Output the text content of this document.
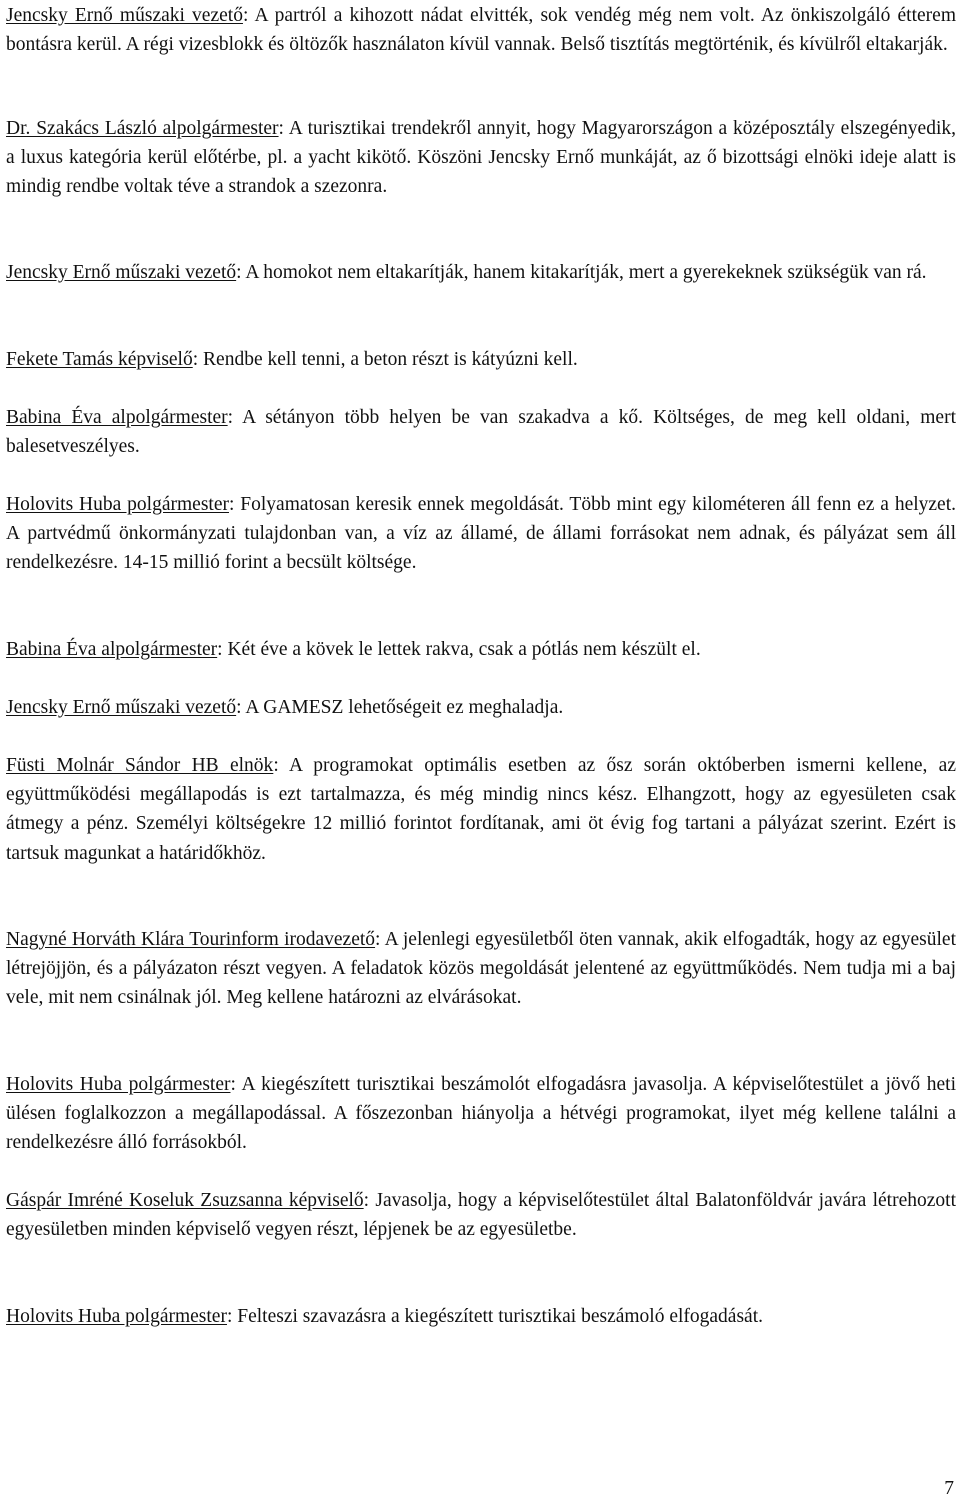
Jencsky Ernő műszaki vezető: A partról a kihozott nádat elvitték, sok vendég még nem volt. Az önkiszolgáló étterem bontásra kerül. A régi vizesblokk és öltözők használaton kívül vannak. Belső tisztítás megtörténik, és kívülről eltakarják.

Dr. Szakács László alpolgármester: A turisztikai trendekről annyit, hogy Magyarországon a középosztály elszegényedik, a luxus kategória kerül előtérbe, pl. a yacht kikötő. Köszöni Jencsky Ernő munkáját, az ő bizottsági elnöki ideje alatt is mindig rendbe voltak téve a strandok a szezonra.

Jencsky Ernő műszaki vezető: A homokot nem eltakarítják, hanem kitakarítják, mert a gyerekeknek szükségük van rá.

Fekete Tamás képviselő: Rendbe kell tenni, a beton részt is kátyúzni kell.

Babina Éva alpolgármester: A sétányon több helyen be van szakadva a kő. Költséges, de meg kell oldani, mert balesetveszélyes.

Holovits Huba polgármester: Folyamatosan keresik ennek megoldását. Több mint egy kilométeren áll fenn ez a helyzet. A partvédmű önkormányzati tulajdonban van, a víz az államé, de állami forrásokat nem adnak, és pályázat sem áll rendelkezésre. 14-15 millió forint a becsült költsége.

Babina Éva alpolgármester: Két éve a kövek le lettek rakva, csak a pótlás nem készült el.

Jencsky Ernő műszaki vezető: A GAMESZ lehetőségeit ez meghaladja.

Füsti Molnár Sándor HB elnök: A programokat optimális esetben az ősz során októberben ismerni kellene, az együttműködési megállapodás is ezt tartalmazza, és még mindig nincs kész. Elhangzott, hogy az egyesületen csak átmegy a pénz. Személyi költségekre 12 millió forintot fordítanak, ami öt évig fog tartani a pályázat szerint. Ezért is tartsuk magunkat a határidőkhöz.

Nagyné Horváth Klára Tourinform irodavezető: A jelenlegi egyesületből öten vannak, akik elfogadták, hogy az egyesület létrejöjjön, és a pályázaton részt vegyen. A feladatok közös megoldását jelentené az együttműködés. Nem tudja mi a baj vele, mit nem csinálnak jól. Meg kellene határozni az elvárásokat.

Holovits Huba polgármester: A kiegészített turisztikai beszámolót elfogadásra javasolja. A képviselőtestület a jövő heti ülésen foglalkozzon a megállapodással. A főszezonban hiányolja a hétvégi programokat, ilyet még kellene találni a rendelkezésre álló forrásokból.

Gáspár Imréné Koseluk Zsuzsanna képviselő: Javasolja, hogy a képviselőtestület által Balatonföldvár javára létrehozott egyesületben minden képviselő vegyen részt, lépjenek be az egyesületbe.

Holovits Huba polgármester: Felteszi szavazásra a kiegészített turisztikai beszámoló elfogadását.

7
